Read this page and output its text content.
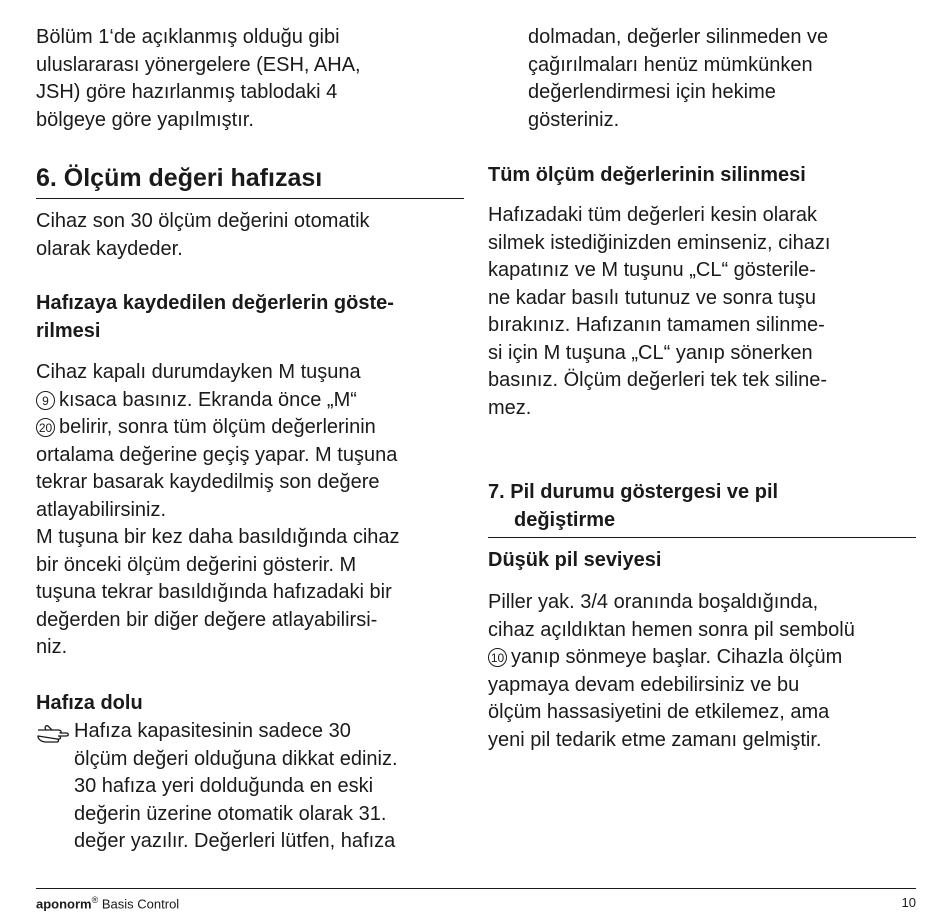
Bölüm 1‘de açıklanmış olduğu gibi

uluslararası yönergelere (ESH, AHA,

JSH) göre hazırlanmış tablodaki 4

bölgeye göre yapılmıştır.

6. Ölçüm değeri hafızası

Cihaz son 30 ölçüm değerini otomatik

olarak kaydeder.

Hafızaya kaydedilen değerlerin göste-
rilmesi

Cihaz kapalı durumdayken M tuşuna

9 kısaca basınız. Ekranda önce „M“

20 belirir, sonra tüm ölçüm değerlerinin

ortalama değerine geçiş yapar. M tuşuna

tekrar basarak kaydedilmiş son değere

atlayabilirsiniz.

M tuşuna bir kez daha basıldığında cihaz

bir önceki ölçüm değerini gösterir. M

tuşuna tekrar basıldığında hafızadaki bir

değerden bir diğer değere atlayabilirsi-

niz.

Hafıza dolu

Hafıza kapasitesinin sadece 30

ölçüm değeri olduğuna dikkat ediniz.

30 hafıza yeri dolduğunda en eski

değerin üzerine otomatik olarak 31.

değer yazılır. Değerleri lütfen, hafıza

dolmadan, değerler silinmeden ve

çağırılmaları henüz mümkünken

değerlendirmesi için hekime

gösteriniz.

Tüm ölçüm değerlerinin silinmesi

Hafızadaki tüm değerleri kesin olarak

silmek istediğinizden eminseniz, cihazı

kapatınız ve M tuşunu „CL“ gösterile-

ne kadar basılı tutunuz ve sonra tuşu

bırakınız. Hafızanın tamamen silinme-

si için M tuşuna „CL“ yanıp sönerken

basınız. Ölçüm değerleri tek tek siline-

mez.

7. Pil durumu göstergesi ve pil
değiştirme
Düşük pil seviyesi

Piller yak. 3/4 oranında boşaldığında,

cihaz açıldıktan hemen sonra pil sembolü

10 yanıp sönmeye başlar. Cihazla ölçüm

yapmaya devam edebilirsiniz ve bu

ölçüm hassasiyetini de etkilemez, ama

yeni pil tedarik etme zamanı gelmiştir.

aponorm® Basis Control	10
